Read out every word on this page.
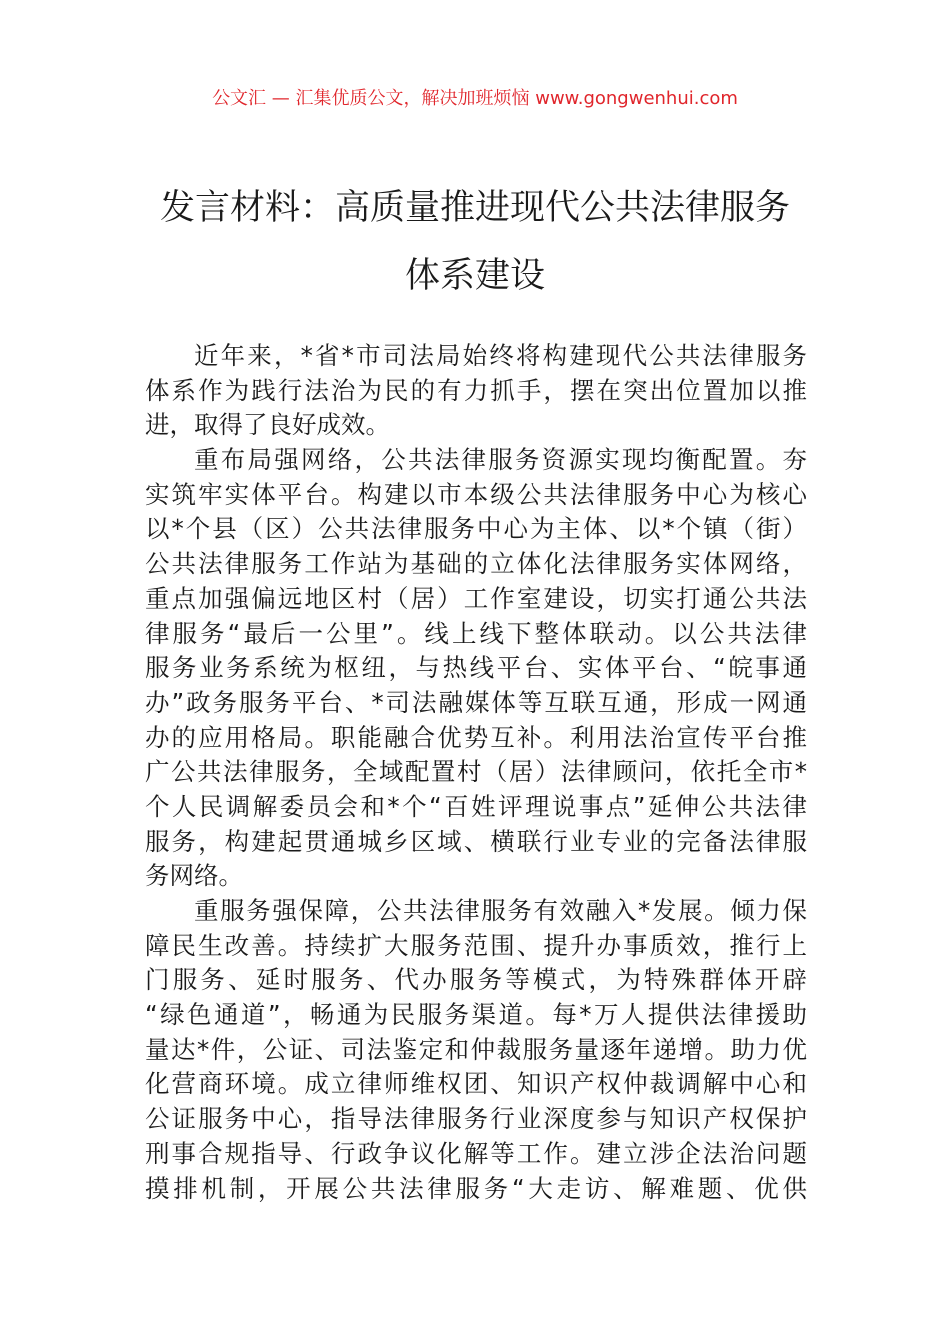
公文汇 — 汇集优质公文，解决加班烦恼 www.gongwenhui.com
发言材料：高质量推进现代公共法律服务
体系建设
近年来，*省*市司法局始终将构建现代公共法律服务
体系作为践行法治为民的有力抓手，摆在突出位置加以推
进，取得了良好成效。
重布局强网络，公共法律服务资源实现均衡配置。夯
实筑牢实体平台。构建以市本级公共法律服务中心为核心
以*个县（区）公共法律服务中心为主体、以*个镇（街）
公共法律服务工作站为基础的立体化法律服务实体网络，
重点加强偏远地区村（居）工作室建设，切实打通公共法
律服务“最后一公里”。线上线下整体联动。以公共法律
服务业务系统为枢纽，与热线平台、实体平台、“皖事通
办”政务服务平台、*司法融媒体等互联互通，形成一网通
办的应用格局。职能融合优势互补。利用法治宣传平台推
广公共法律服务，全域配置村（居）法律顾问，依托全市*
个人民调解委员会和*个“百姓评理说事点”延伸公共法律
服务，构建起贯通城乡区域、横联行业专业的完备法律服
务网络。
重服务强保障，公共法律服务有效融入*发展。倾力保
障民生改善。持续扩大服务范围、提升办事质效，推行上
门服务、延时服务、代办服务等模式，为特殊群体开辟
“绿色通道”，畅通为民服务渠道。每*万人提供法律援助
量达*件，公证、司法鉴定和仲裁服务量逐年递增。助力优
化营商环境。成立律师维权团、知识产权仲裁调解中心和
公证服务中心，指导法律服务行业深度参与知识产权保护
刑事合规指导、行政争议化解等工作。建立涉企法治问题
摸排机制，开展公共法律服务“大走访、解难题、优供
